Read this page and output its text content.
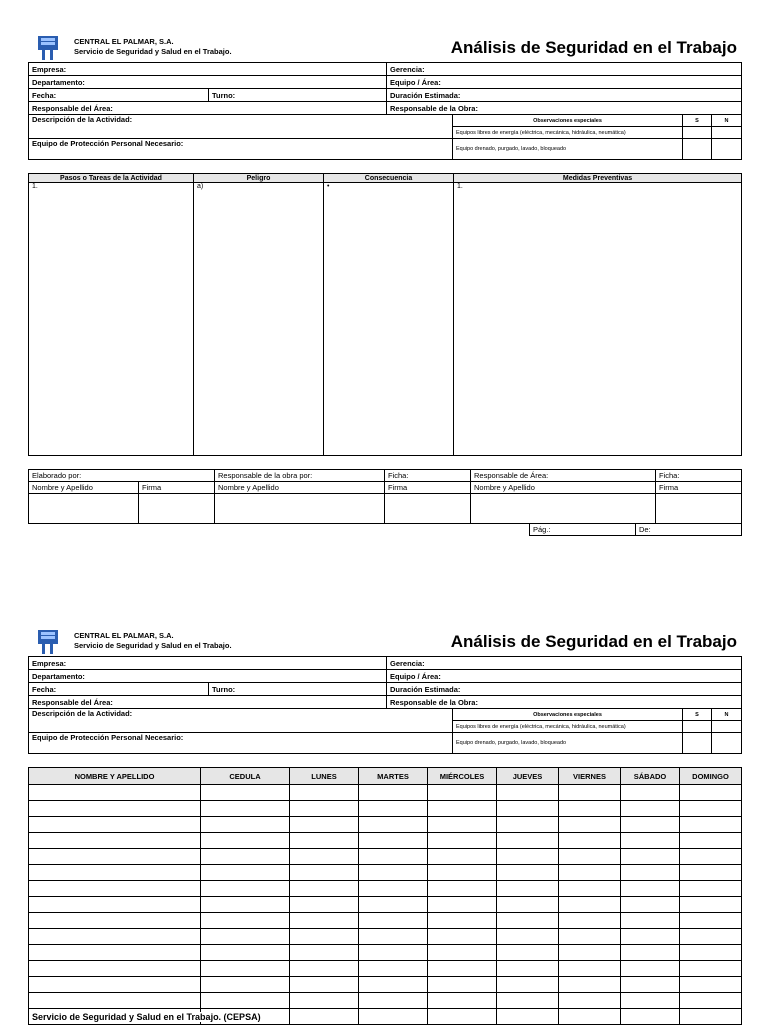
CENTRAL EL PALMAR, S.A.
Servicio de Seguridad y Salud en el Trabajo.	Análisis de Seguridad en el Trabajo
Empresa:		Gerencia:			
Departamento:		Equipo / Área:			
Fecha:	Turno:	Duración Estimada:			
Responsable del Área:		Responsable de la Obra:			
Descripción de la Actividad:			Observaciones especiales	S	N
			Equipos libres de energía (eléctrica, mecánica, hidráulica, neumática)		
Equipo de Protección Personal Necesario:			Equipo drenado, purgado, lavado, bloqueado		
Pasos o Tareas de la Actividad	Peligro	Consecuencia	Medidas Preventivas
1.	a)	•	1.
Elaborado por:		Responsable de la obra por:	Ficha:	Responsable de Área:	Ficha:
Nombre y Apellido	Firma	Nombre y Apellido	Firma	Nombre y Apellido	Firma

Pág.:	De:
CENTRAL EL PALMAR, S.A.
Servicio de Seguridad y Salud en el Trabajo.	Análisis de Seguridad en el Trabajo
Empresa:		Gerencia:			
Departamento:		Equipo / Área:			
Fecha:	Turno:	Duración Estimada:			
Responsable del Área:		Responsable de la Obra:			
Descripción de la Actividad:			Observaciones especiales	S	N
			Equipos libres de energía (eléctrica, mecánica, hidráulica, neumática)		
Equipo de Protección Personal Necesario:			Equipo drenado, purgado, lavado, bloqueado		
NOMBRE Y APELLIDO	CEDULA	LUNES	MARTES	MIÉRCOLES	JUEVES	VIERNES	SÁBADO	DOMINGO

Servicio de Seguridad y Salud en el Trabajo. (CEPSA)
